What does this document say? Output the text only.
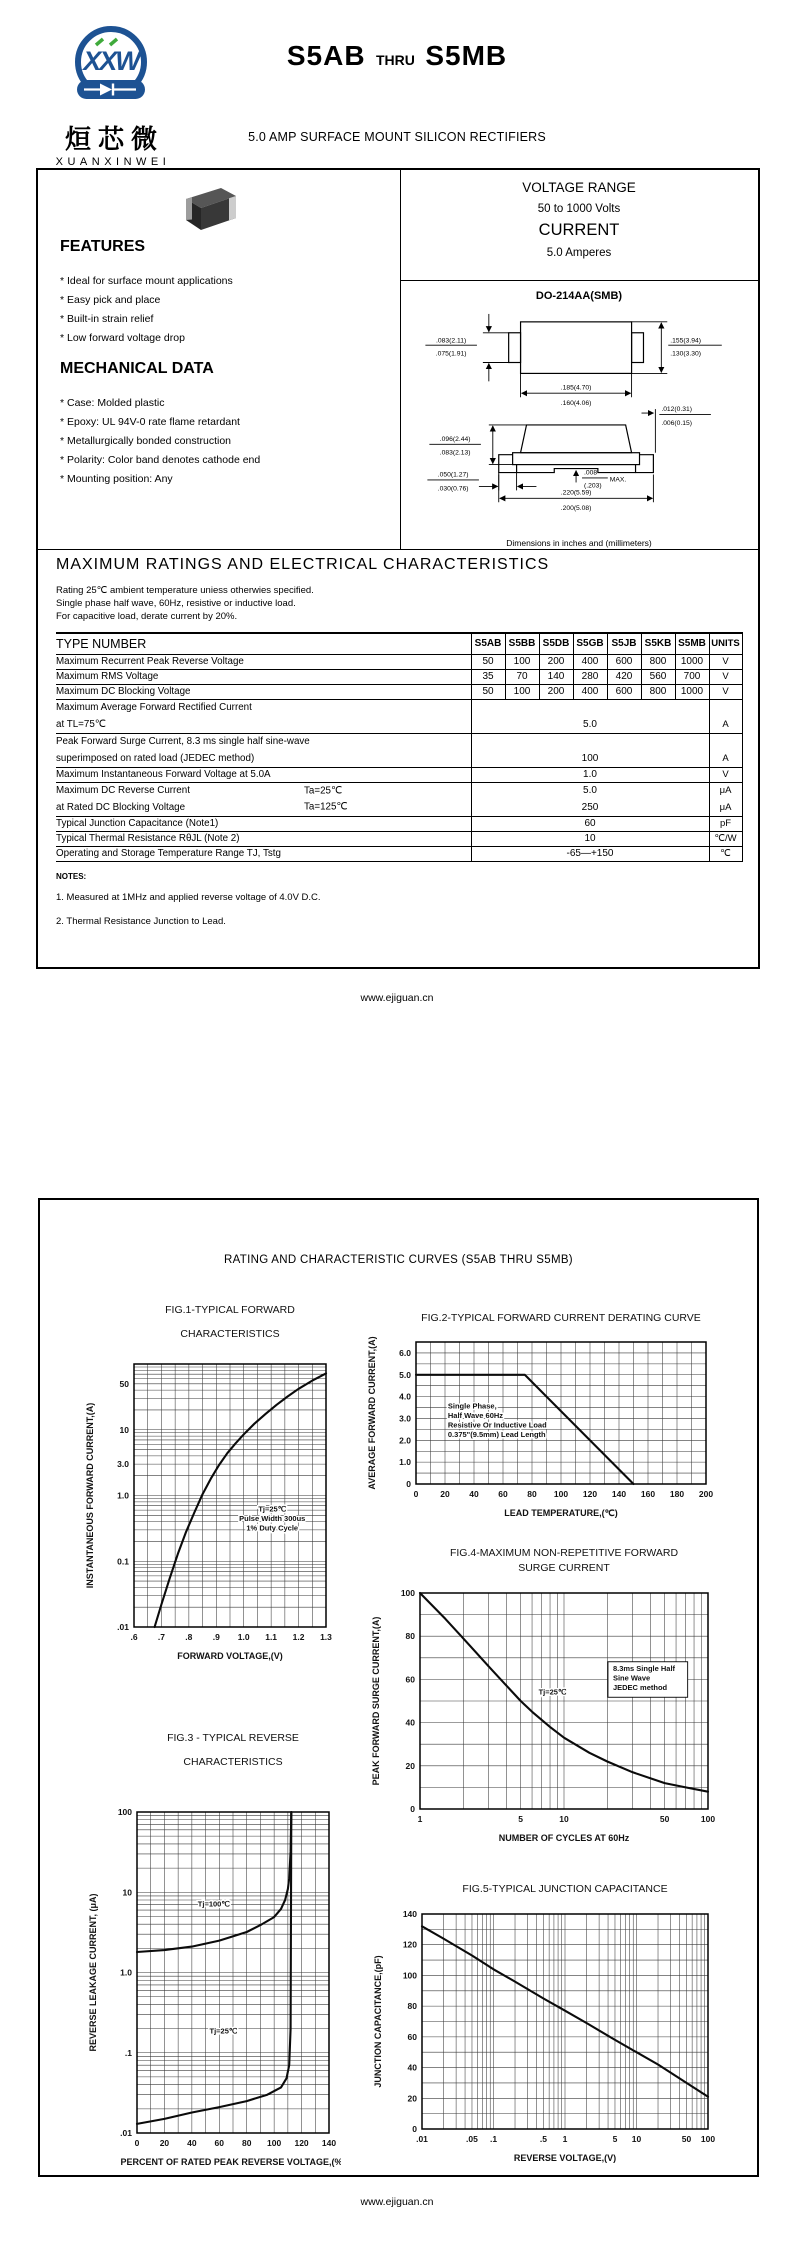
XXW
烜芯微
XUANXINWEI
S5AB THRU S5MB
5.0 AMP SURFACE MOUNT SILICON RECTIFIERS
FEATURES
* Ideal for surface mount applications
* Easy pick and place
* Built-in strain relief
* Low forward voltage drop
MECHANICAL DATA
* Case: Molded plastic
* Epoxy: UL 94V-0 rate flame retardant
* Metallurgically bonded construction
* Polarity: Color band denotes cathode end
* Mounting position: Any
VOLTAGE RANGE
50 to 1000 Volts
CURRENT
5.0 Amperes
DO-214AA(SMB)
.083(2.11)
.075(1.91)
.155(3.94)
.130(3.30)
.185(4.70)
.160(4.06)
.096(2.44)
.083(2.13)
.012(0.31)
.006(0.15)
.050(1.27)
.030(0.76)
.008
(.203)
MAX.
.220(5.59)
.200(5.08)
Dimensions in inches and (millimeters)
MAXIMUM RATINGS AND ELECTRICAL CHARACTERISTICS
Rating 25℃ ambient temperature uniess otherwies specified.
Single phase half wave, 60Hz, resistive or inductive load.
For capacitive load, derate current by 20%.
TYPE NUMBER	S5AB	S5BB	S5DB	S5GB	S5JB	S5KB	S5MB	UNITS
Maximum Recurrent Peak Reverse Voltage	50	100	200	400	600	800	1000	V
Maximum RMS Voltage	35	70	140	280	420	560	700	V
Maximum DC Blocking Voltage	50	100	200	400	600	800	1000	V
Maximum Average Forward Rectified Current								
at TL=75℃	5.0							A
Peak Forward Surge Current, 8.3 ms single half sine-wave								
superimposed on rated load (JEDEC method)	100							A
Maximum Instantaneous Forward Voltage at 5.0A	1.0							V
Maximum DC Reverse Current Ta=25℃	5.0							μA
at Rated DC Blocking Voltage Ta=125℃	250							μA
Typical Junction Capacitance (Note1)	60							pF
Typical Thermal Resistance RθJL (Note 2)	10							℃/W
Operating and Storage Temperature Range TJ, Tstg	-65—+150							℃
NOTES:
1. Measured at 1MHz and applied reverse voltage of 4.0V D.C.
2. Thermal Resistance Junction to Lead.
www.ejiguan.cn
RATING AND CHARACTERISTIC CURVES (S5AB THRU S5MB)
FIG.1-TYPICAL FORWARD
CHARACTERISTICS
.6 .7 .8 .9 1.0 1.1 1.2 1.3
50
10
3.0
1.0
0.1
.01
FORWARD VOLTAGE,(V)
INSTANTANEOUS FORWARD CURRENT,(A)	Tj=25℃
Pulse Width 300us
1% Duty Cycle
FIG.2-TYPICAL FORWARD CURRENT DERATING CURVE
0	20 40 60 80 100 120 140 160 180 200
6.0
5.0
4.0
3.0
2.0
1.0
0
LEAD TEMPERATURE,(℃)
AVERAGE FORWARD CURRENT,(A)	Single Phase,
Half Wave 60Hz
Resistive Or Inductive Load
0.375"(9.5mm) Lead Length
FIG.4-MAXIMUM NON-REPETITIVE FORWARD
SURGE CURRENT
1	5	10	50	100
0
20
40
60
80
100
NUMBER OF CYCLES AT 60Hz
PEAK FORWARD SURGE CURRENT,(A)	Tj=25℃
8.3ms Single Half
Sine Wave
JEDEC method
FIG.3 - TYPICAL REVERSE
CHARACTERISTICS
0 20 40 60 80 100 120 140
100
10
1.0
.1
.01
PERCENT OF RATED PEAK REVERSE VOLTAGE,(%)
REVERSE LEAKAGE CURRENT, (μA)	Tj=100℃
Tj=25℃
FIG.5-TYPICAL JUNCTION CAPACITANCE
.01	.05 .1	.5 1	5 10	50 100
0
20
40
60
80
100
120
140
REVERSE VOLTAGE,(V)
JUNCTION CAPACITANCE,(pF)
www.ejiguan.cn
